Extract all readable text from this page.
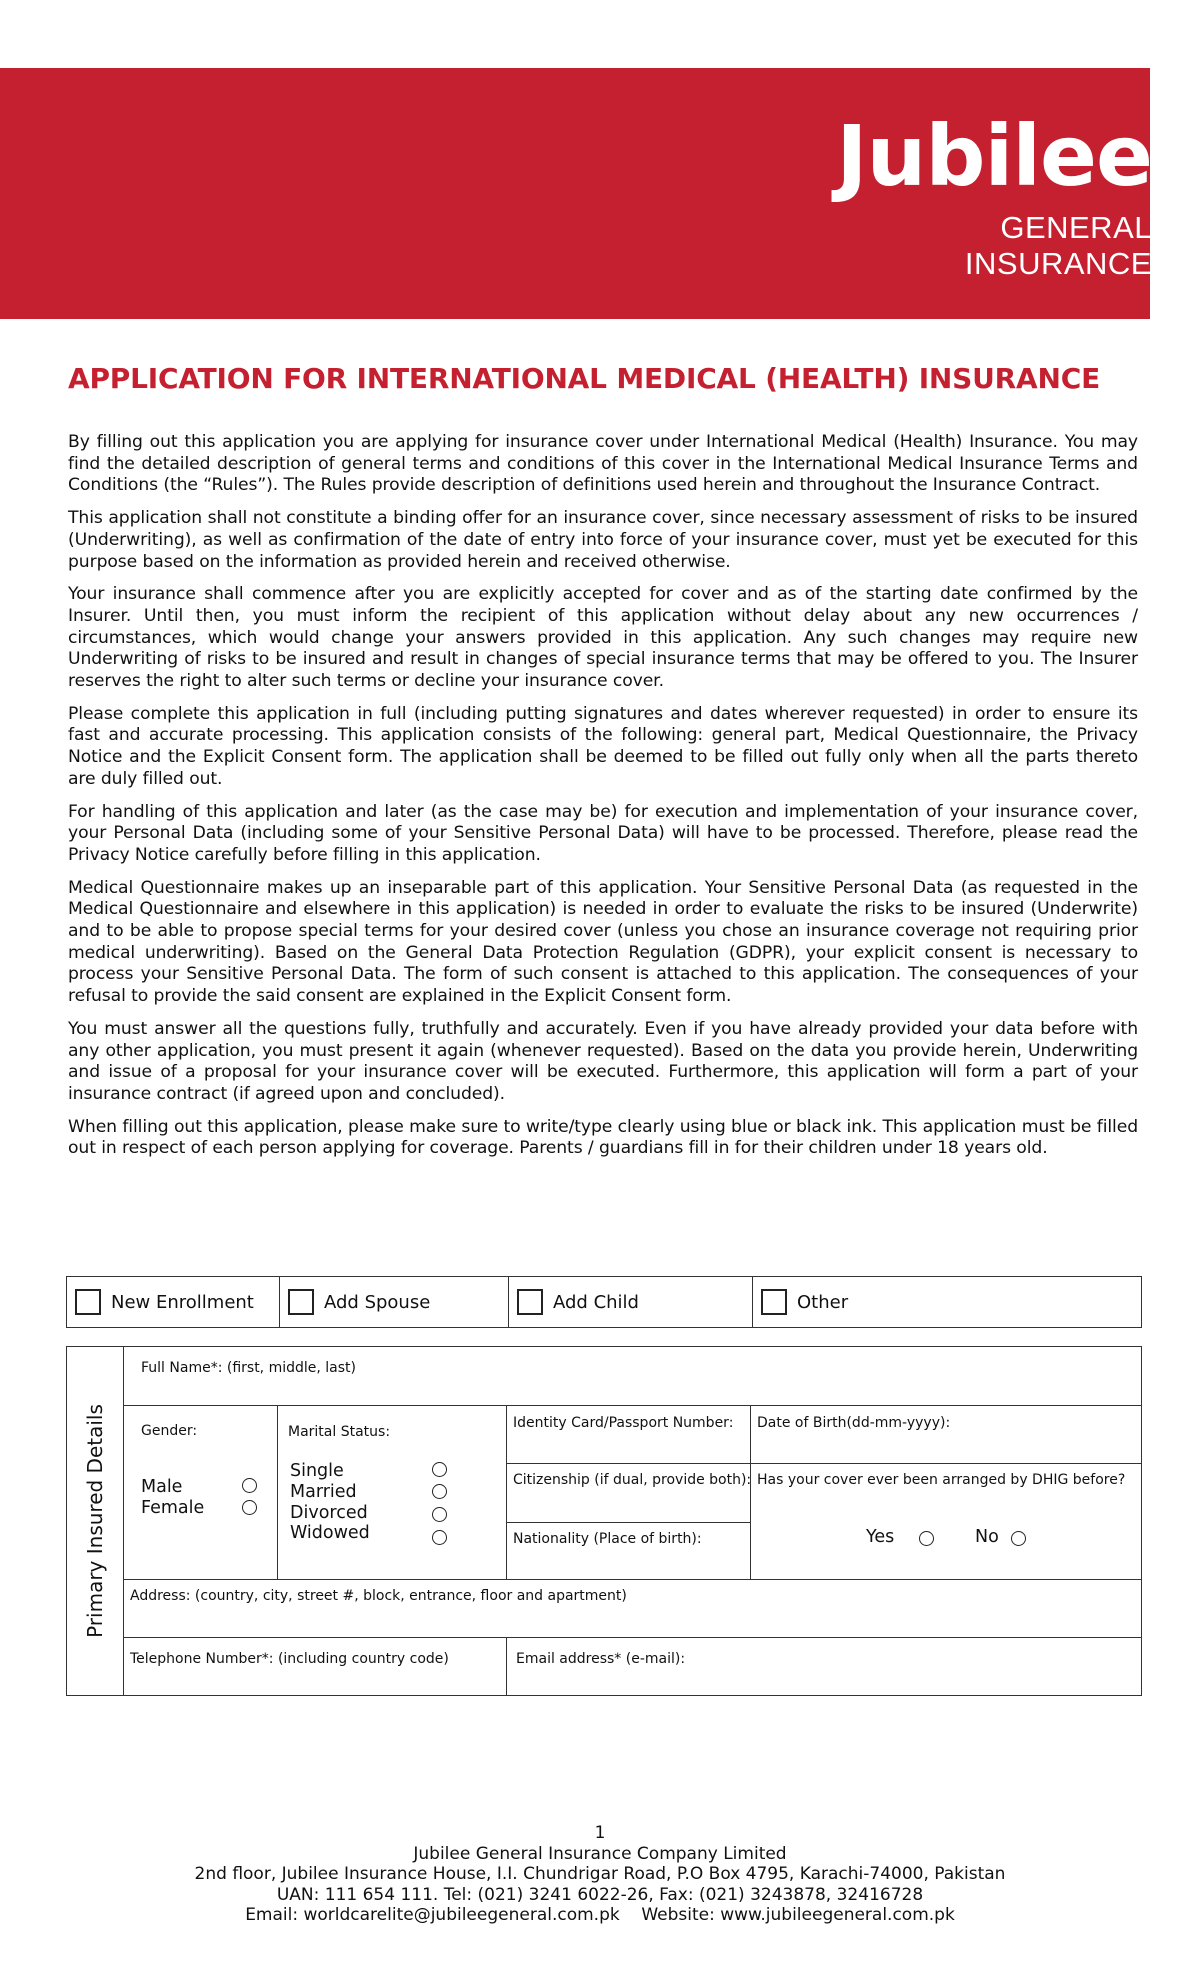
Jubilee
GENERAL INSURANCE
APPLICATION FOR INTERNATIONAL MEDICAL (HEALTH) INSURANCE

By filling out this application you are applying for insurance cover under International Medical (Health) Insurance. You may find the detailed description of general terms and conditions of this cover in the International Medical Insurance Terms and Conditions (the “Rules”). The Rules provide description of definitions used herein and throughout the Insurance Contract.

This application shall not constitute a binding offer for an insurance cover, since necessary assessment of risks to be insured (Underwriting), as well as confirmation of the date of entry into force of your insurance cover, must yet be executed for this purpose based on the information as provided herein and received otherwise.

Your insurance shall commence after you are explicitly accepted for cover and as of the starting date confirmed by the Insurer. Until then, you must inform the recipient of this application without delay about any new occurrences / circumstances, which would change your answers provided in this application. Any such changes may require new Underwriting of risks to be insured and result in changes of special insurance terms that may be offered to you. The Insurer reserves the right to alter such terms or decline your insurance cover.

Please complete this application in full (including putting signatures and dates wherever requested) in order to ensure its fast and accurate processing. This application consists of the following: general part, Medical Questionnaire, the Privacy Notice and the Explicit Consent form. The application shall be deemed to be filled out fully only when all the parts thereto are duly filled out.

For handling of this application and later (as the case may be) for execution and implementation of your insurance cover, your Personal Data (including some of your Sensitive Personal Data) will have to be processed. Therefore, please read the Privacy Notice carefully before filling in this application.

Medical Questionnaire makes up an inseparable part of this application. Your Sensitive Personal Data (as requested in the Medical Questionnaire and elsewhere in this application) is needed in order to evaluate the risks to be insured (Underwrite) and to be able to propose special terms for your desired cover (unless you chose an insurance coverage not requiring prior medical underwriting). Based on the General Data Protection Regulation (GDPR), your explicit consent is necessary to process your Sensitive Personal Data. The form of such consent is attached to this application. The consequences of your refusal to provide the said consent are explained in the Explicit Consent form.

You must answer all the questions fully, truthfully and accurately. Even if you have already provided your data before with any other application, you must present it again (whenever requested). Based on the data you provide herein, Underwriting and issue of a proposal for your insurance cover will be executed. Furthermore, this application will form a part of your insurance contract (if agreed upon and concluded).

When filling out this application, please make sure to write/type clearly using blue or black ink. This application must be filled out in respect of each person applying for coverage. Parents / guardians fill in for their children under 18 years old.

New Enrollment	Add Spouse	Add Child	Other
Primary Insured Details
Full Name*: (first, middle, last)
Gender:
Male
Female
Marital Status:
Single
Married
Divorced
Widowed
Identity Card/Passport Number:
Citizenship (if dual, provide both):
Nationality (Place of birth):
Date of Birth(dd-mm-yyyy):
Has your cover ever been arranged by DHIG before?
Yes	No
Address: (country, city, street #, block, entrance, floor and apartment)
Telephone Number*: (including country code)	Email address* (e-mail):
1
Jubilee General Insurance Company Limited
2nd floor, Jubilee Insurance House, I.I. Chundrigar Road, P.O Box 4795, Karachi-74000, Pakistan
UAN: 111 654 111. Tel: (021) 3241 6022-26, Fax: (021) 3243878, 32416728
Email: worldcarelite@jubileegeneral.com.pk    Website: www.jubileegeneral.com.pk
